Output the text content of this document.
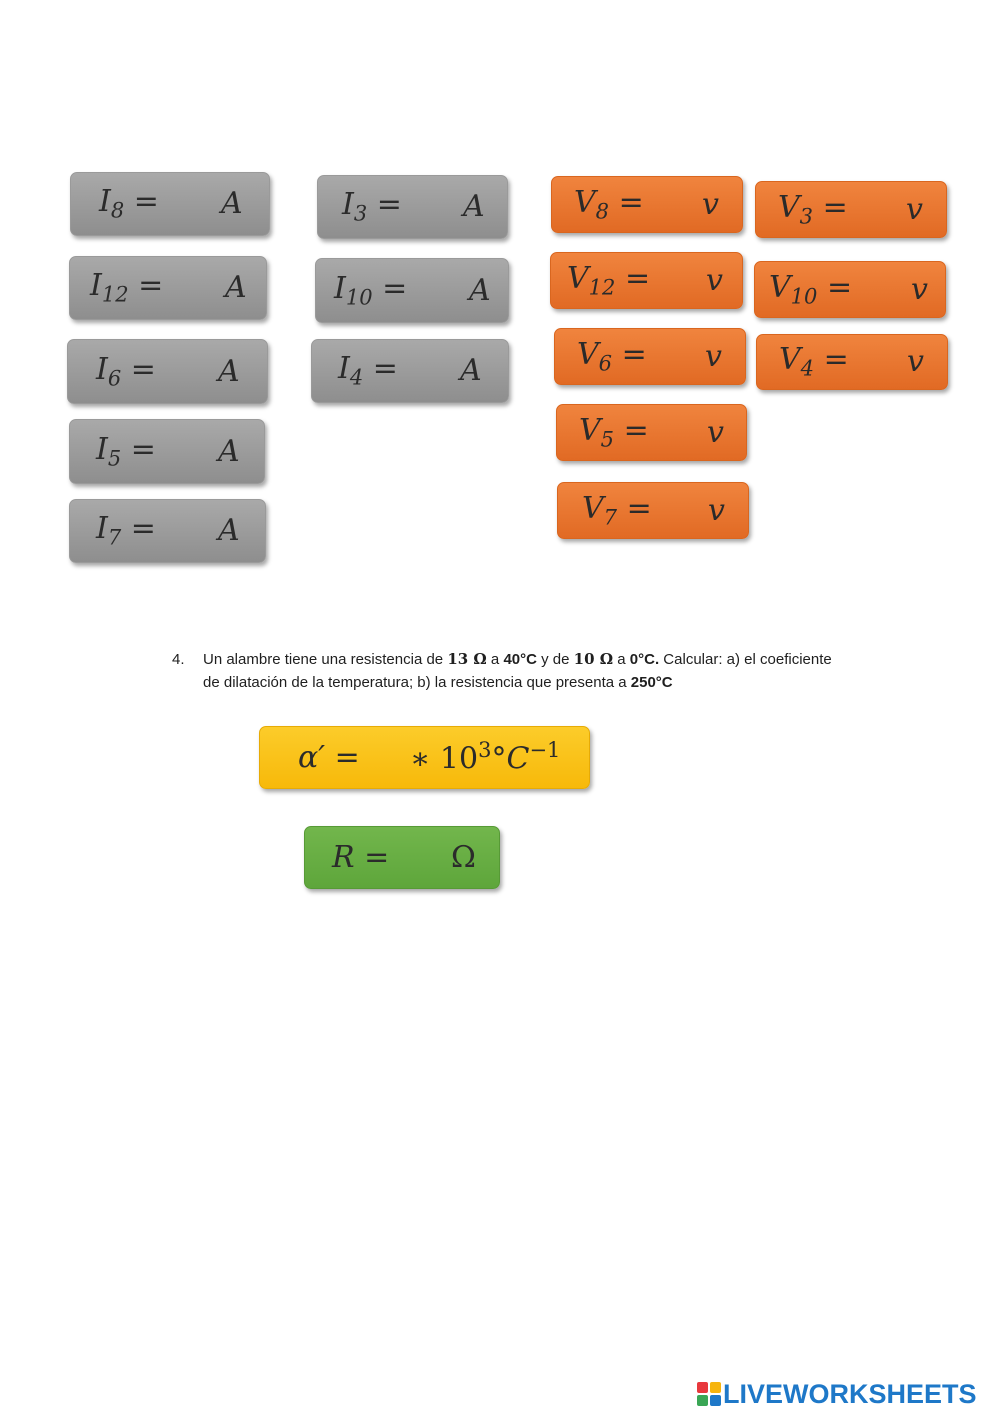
$I_8 = A$
$I_{12} = A$
$I_6 = A$
$I_5 = A$
$I_7 = A$
$I_3 = A$
$I_{10} = A$
$I_4 = A$
$V_8 = v$
$V_{12} = v$
$V_6 = v$
$V_5 = v$
$V_7 = v$
$V_3 = v$
$V_{10} = v$
$V_4 = v$
4. Un alambre tiene una resistencia de 13 Ω a 40°C y de 10 Ω a 0°C. Calcular: a) el coeficiente de dilatación de la temperatura; b) la resistencia que presenta a 250°C
α′ = ∗ $10^3^\circ C^{-1}$
R = Ω
LIVEWORKSHEETS
